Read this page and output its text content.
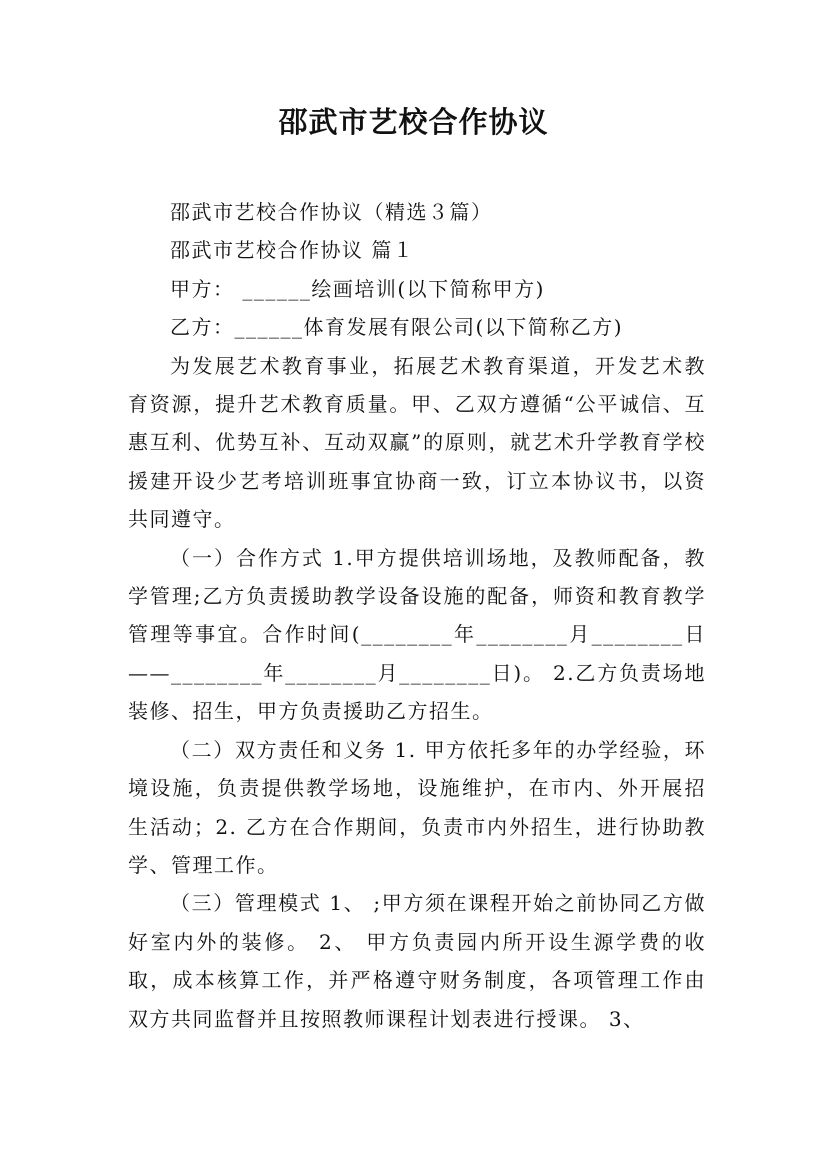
邵武市艺校合作协议

邵武市艺校合作协议（精选３篇）

邵武市艺校合作协议 篇１

甲方： ______绘画培训(以下简称甲方)

乙方：______体育发展有限公司(以下简称乙方)

为发展艺术教育事业，拓展艺术教育渠道，开发艺术教育资源，提升艺术教育质量。甲、乙双方遵循“公平诚信、互惠互利、优势互补、互动双赢”的原则，就艺术升学教育学校援建开设少艺考培训班事宜协商一致，订立本协议书，以资共同遵守。

（一）合作方式 1.甲方提供培训场地，及教师配备，教学管理;乙方负责援助教学设备设施的配备，师资和教育教学管理等事宜。合作时间(________年________月________日——________年________月________日)。 2.乙方负责场地装修、招生，甲方负责援助乙方招生。

（二）双方责任和义务 1. 甲方依托多年的办学经验，环境设施，负责提供教学场地，设施维护，在市内、外开展招生活动；2. 乙方在合作期间，负责市内外招生，进行协助教学、管理工作。

（三）管理模式 1、 ;甲方须在课程开始之前协同乙方做好室内外的装修。 2、 甲方负责园内所开设生源学费的收取，成本核算工作，并严格遵守财务制度，各项管理工作由双方共同监督并且按照教师课程计划表进行授课。 3、
